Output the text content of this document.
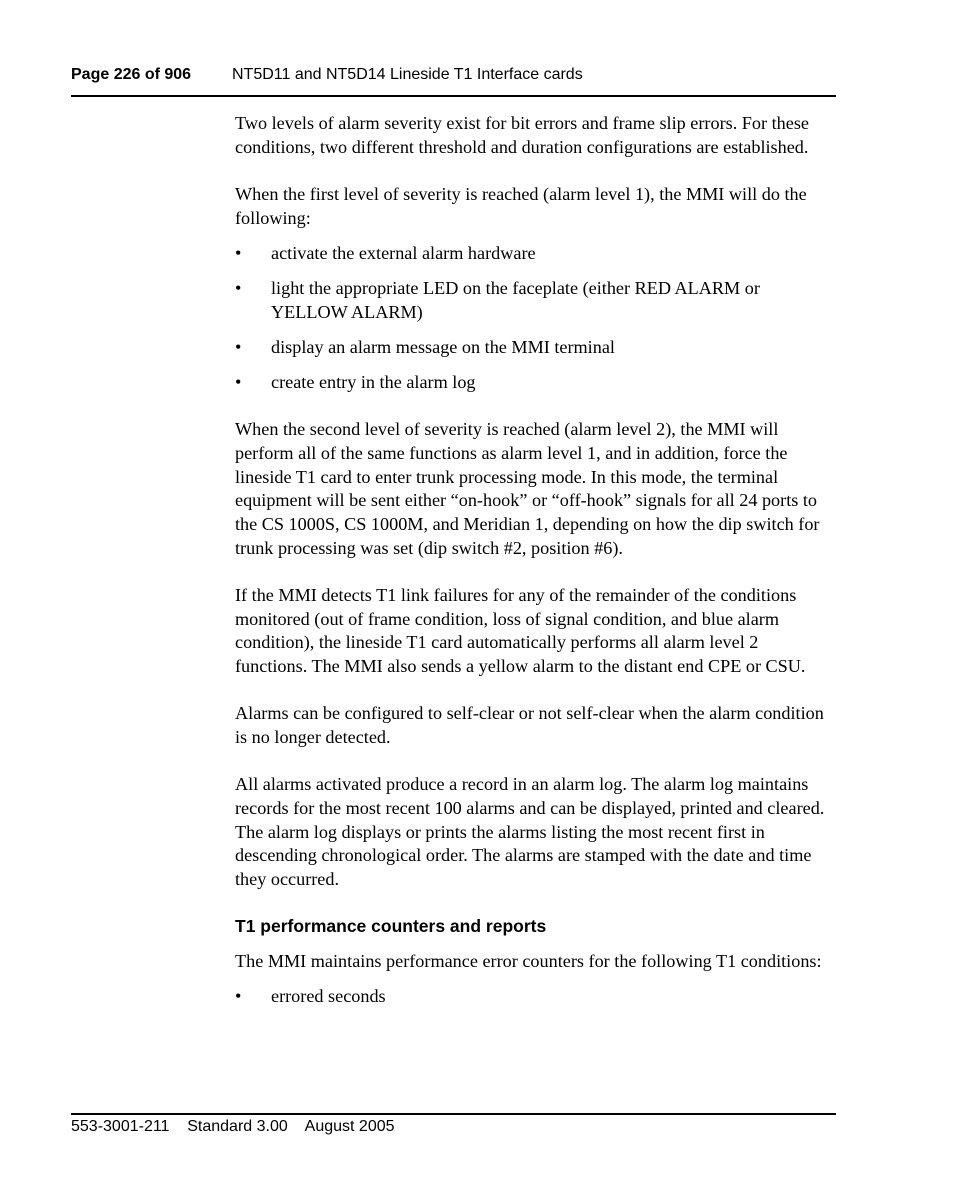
Page 226 of 906	NT5D11 and NT5D14 Lineside T1 Interface cards

Two levels of alarm severity exist for bit errors and frame slip errors. For these conditions, two different threshold and duration configurations are established.

When the first level of severity is reached (alarm level 1), the MMI will do the following:

• activate the external alarm hardware
• light the appropriate LED on the faceplate (either RED ALARM or YELLOW ALARM)
• display an alarm message on the MMI terminal
• create entry in the alarm log

When the second level of severity is reached (alarm level 2), the MMI will perform all of the same functions as alarm level 1, and in addition, force the lineside T1 card to enter trunk processing mode. In this mode, the terminal equipment will be sent either “on-hook” or “off-hook” signals for all 24 ports to the CS 1000S, CS 1000M, and Meridian 1, depending on how the dip switch for trunk processing was set (dip switch #2, position #6).

If the MMI detects T1 link failures for any of the remainder of the conditions monitored (out of frame condition, loss of signal condition, and blue alarm condition), the lineside T1 card automatically performs all alarm level 2 functions. The MMI also sends a yellow alarm to the distant end CPE or CSU.

Alarms can be configured to self-clear or not self-clear when the alarm condition is no longer detected.

All alarms activated produce a record in an alarm log. The alarm log maintains records for the most recent 100 alarms and can be displayed, printed and cleared. The alarm log displays or prints the alarms listing the most recent first in descending chronological order. The alarms are stamped with the date and time they occurred.

T1 performance counters and reports

The MMI maintains performance error counters for the following T1 conditions:

• errored seconds
553-3001-211 Standard 3.00 August 2005
